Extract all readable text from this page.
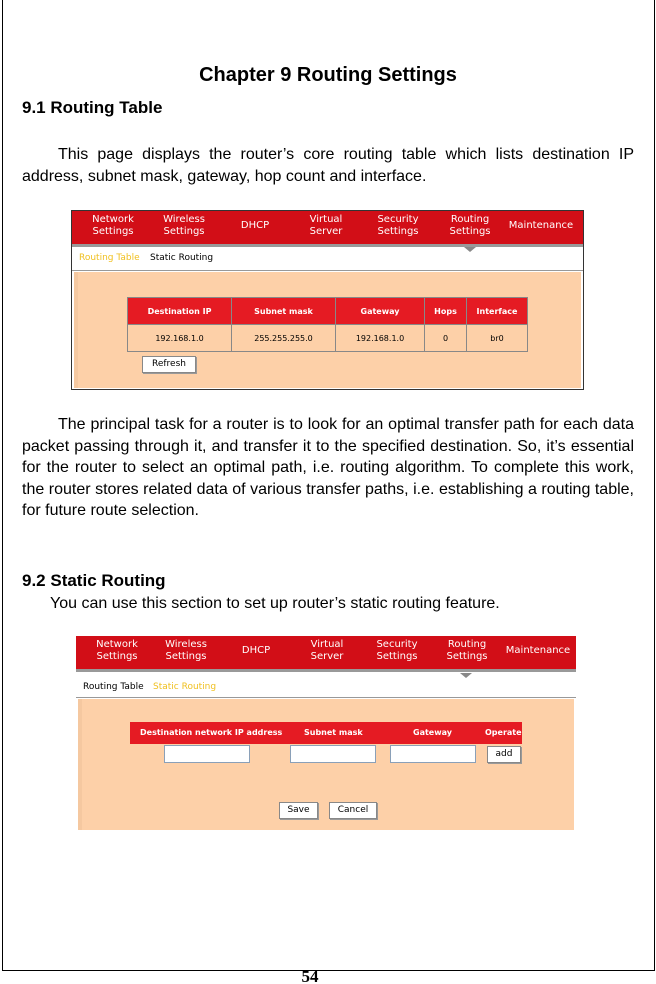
Chapter 9 Routing Settings
9.1 Routing Table

This page displays the router’s core routing table which lists destination IP address, subnet mask, gateway, hop count and interface.

Network
Settings
Wireless
Settings
DHCP
Virtual
Server
Security
Settings
Routing
Settings
Maintenance
Routing Table Static Routing
Destination IP	Subnet mask	Gateway	Hops	Interface
192.168.1.0	255.255.255.0	192.168.1.0	0	br0
Refresh

The principal task for a router is to look for an optimal transfer path for each data packet passing through it, and transfer it to the specified destination. So, it’s essential for the router to select an optimal path, i.e. routing algorithm. To complete this work, the router stores related data of various transfer paths, i.e. establishing a routing table, for future route selection.

9.2 Static Routing
You can use this section to set up router’s static routing feature.
Network
Settings
Wireless
Settings
DHCP
Virtual
Server
Security
Settings
Routing
Settings
Maintenance
Routing Table Static Routing
Destination network IP address	Subnet mask	Gateway	Operate
add
Save	Cancel
54
